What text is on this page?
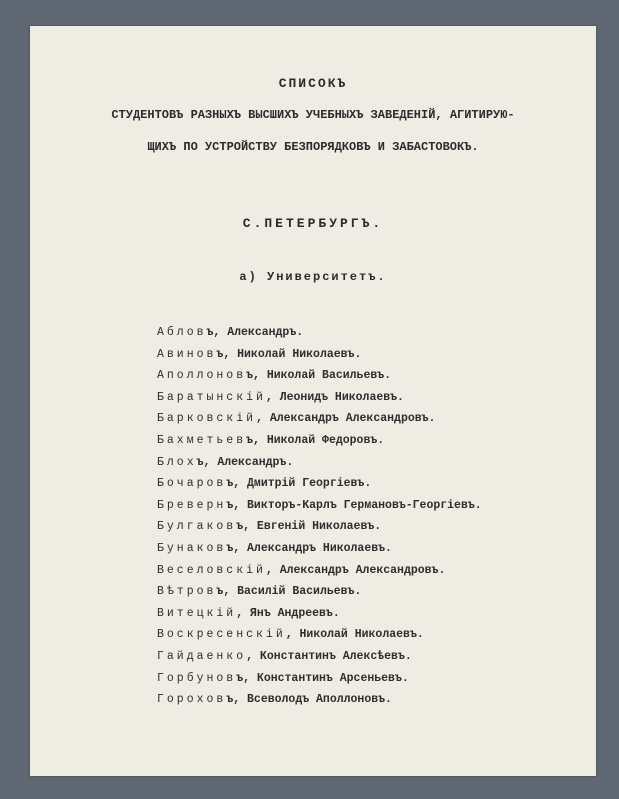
СПИСОКЪ
СТУДЕНТОВЪ РАЗНЫХЪ ВЫСШИХЪ УЧЕБНЫХЪ ЗАВЕДЕНІЙ, АГИТИРУЮ-
ЩИХЪ ПО УСТРОЙСТВУ БЕЗПОРЯДКОВЪ И ЗАБАСТОВОКЪ.
С.ПЕТЕРБУРГЪ.
а) Университетъ.
Абловъ, Александръ.
Авиновъ, Николай Николаевъ.
Аполлоновъ, Николай Васильевъ.
Баратынскій, Леонидъ Николаевъ.
Барковскій, Александръ Александровъ.
Бахметьевъ, Николай Федоровъ.
Блохъ, Александръ.
Бочаровъ, Дмитрій Георгіевъ.
Бревернъ, Викторъ-Карлъ Германовъ-Георгіевъ.
Булгаковъ, Евгеній Николаевъ.
Бунаковъ, Александръ Николаевъ.
Веселовскій, Александръ Александровъ.
Вѣтровъ, Василій Васильевъ.
Витецкій, Янъ Андреевъ.
Воскресенскій, Николай Николаевъ.
Гайдаенко, Константинъ Алексѣевъ.
Горбуновъ, Константинъ Арсеньевъ.
Гороховъ, Всеволодъ Аполлоновъ.
